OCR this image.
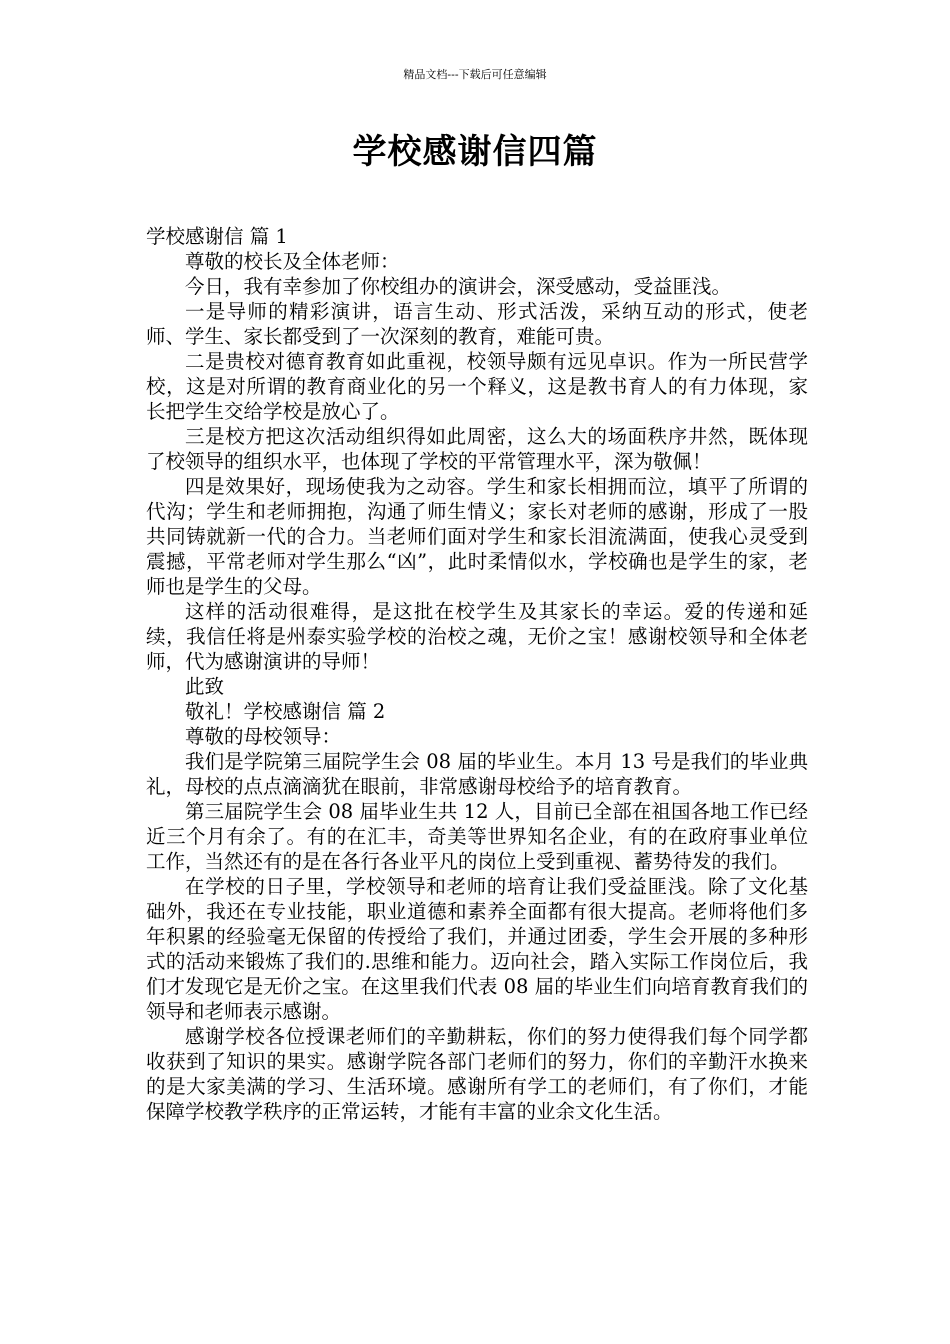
精品文档---下载后可任意编辑
学校感谢信四篇

学校感谢信 篇 1

尊敬的校长及全体老师：

今日，我有幸参加了你校组办的演讲会，深受感动，受益匪浅。

一是导师的精彩演讲，语言生动、形式活泼，采纳互动的形式，使老师、学生、家长都受到了一次深刻的教育，难能可贵。

二是贵校对德育教育如此重视，校领导颇有远见卓识。作为一所民营学校，这是对所谓的教育商业化的另一个释义，这是教书育人的有力体现，家长把学生交给学校是放心了。

三是校方把这次活动组织得如此周密，这么大的场面秩序井然，既体现了校领导的组织水平，也体现了学校的平常管理水平，深为敬佩！

四是效果好，现场使我为之动容。学生和家长相拥而泣，填平了所谓的代沟；学生和老师拥抱，沟通了师生情义；家长对老师的感谢，形成了一股共同铸就新一代的合力。当老师们面对学生和家长泪流满面，使我心灵受到震撼，平常老师对学生那么“凶”，此时柔情似水，学校确也是学生的家，老师也是学生的父母。

这样的活动很难得，是这批在校学生及其家长的幸运。爱的传递和延续，我信任将是州泰实验学校的治校之魂，无价之宝！感谢校领导和全体老师，代为感谢演讲的导师！

此致

敬礼！学校感谢信 篇 2

尊敬的母校领导：

我们是学院第三届院学生会 08 届的毕业生。本月 13 号是我们的毕业典礼，母校的点点滴滴犹在眼前，非常感谢母校给予的培育教育。

第三届院学生会 08 届毕业生共 12 人，目前已全部在祖国各地工作已经近三个月有余了。有的在汇丰，奇美等世界知名企业，有的在政府事业单位工作，当然还有的是在各行各业平凡的岗位上受到重视、蓄势待发的我们。

在学校的日子里，学校领导和老师的培育让我们受益匪浅。除了文化基础外，我还在专业技能，职业道德和素养全面都有很大提高。老师将他们多年积累的经验毫无保留的传授给了我们，并通过团委，学生会开展的多种形式的活动来锻炼了我们的.思维和能力。迈向社会，踏入实际工作岗位后，我们才发现它是无价之宝。在这里我们代表 08 届的毕业生们向培育教育我们的领导和老师表示感谢。

感谢学校各位授课老师们的辛勤耕耘，你们的努力使得我们每个同学都收获到了知识的果实。感谢学院各部门老师们的努力，你们的辛勤汗水换来的是大家美满的学习、生活环境。感谢所有学工的老师们，有了你们，才能保障学校教学秩序的正常运转，才能有丰富的业余文化生活。
